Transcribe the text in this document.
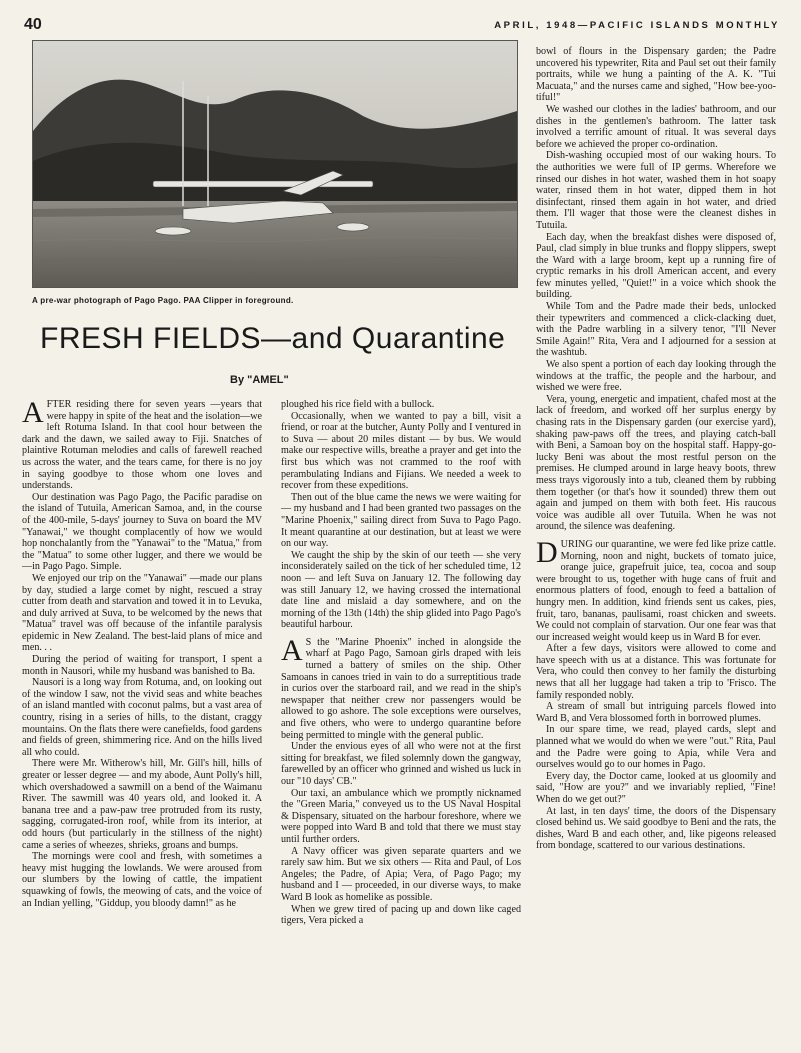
40	APRIL, 1948—PACIFIC ISLANDS MONTHLY
A pre-war photograph of Pago Pago. PAA Clipper in foreground.
FRESH FIELDS—and Quarantine
By "AMEL"

AFTER residing there for seven years —years that were happy in spite of the heat and the isolation—we left Rotuma Island. In that cool hour between the dark and the dawn, we sailed away to Fiji. Snatches of plaintive Rotuman melodies and calls of farewell reached us across the water, and the tears came, for there is no joy in saying goodbye to those whom one loves and understands.

Our destination was Pago Pago, the Pacific paradise on the island of Tutuila, American Samoa, and, in the course of the 400-mile, 5-days' journey to Suva on board the MV "Yanawai," we thought complacently of how we would hop nonchalantly from the "Yanawai" to the "Matua," from the "Matua" to some other lugger, and there we would be—in Pago Pago. Simple.

We enjoyed our trip on the "Yanawai" —made our plans by day, studied a large comet by night, rescued a stray cutter from death and starvation and towed it in to Levuka, and duly arrived at Suva, to be welcomed by the news that "Matua" travel was off because of the infantile paralysis epidemic in New Zealand. The best-laid plans of mice and men. . .

During the period of waiting for transport, I spent a month in Nausori, while my husband was banished to Ba.

Nausori is a long way from Rotuma, and, on looking out of the window I saw, not the vivid seas and white beaches of an island mantled with coconut palms, but a vast area of country, rising in a series of hills, to the distant, craggy mountains. On the flats there were canefields, food gardens and fields of green, shimmering rice. And on the hills lived all who could.

There were Mr. Witherow's hill, Mr. Gill's hill, hills of greater or lesser degree — and my abode, Aunt Polly's hill, which overshadowed a sawmill on a bend of the Waimanu River. The sawmill was 40 years old, and looked it. A banana tree and a paw-paw tree protruded from its rusty, sagging, corrugated-iron roof, while from its interior, at odd hours (but particularly in the stillness of the night) came a series of wheezes, shrieks, groans and bumps.

The mornings were cool and fresh, with sometimes a heavy mist hugging the lowlands. We were aroused from our slumbers by the lowing of cattle, the impatient squawking of fowls, the meowing of cats, and the voice of an Indian yelling, "Giddup, you bloody damn!" as he

ploughed his rice field with a bullock.

Occasionally, when we wanted to pay a bill, visit a friend, or roar at the butcher, Aunty Polly and I ventured in to Suva — about 20 miles distant — by bus. We would make our respective wills, breathe a prayer and get into the first bus which was not crammed to the roof with perambulating Indians and Fijians. We needed a week to recover from these expeditions.

Then out of the blue came the news we were waiting for — my husband and I had been granted two passages on the "Marine Phoenix," sailing direct from Suva to Pago Pago. It meant quarantine at our destination, but at least we were on our way.

We caught the ship by the skin of our teeth — she very inconsiderately sailed on the tick of her scheduled time, 12 noon — and left Suva on January 12. The following day was still January 12, we having crossed the international date line and mislaid a day somewhere, and on the morning of the 13th (14th) the ship glided into Pago Pago's beautiful harbour.

A S the "Marine Phoenix" inched in alongside the wharf at Pago Pago, Samoan girls draped with leis turned a battery of smiles on the ship. Other Samoans in canoes tried in vain to do a surreptitious trade in curios over the starboard rail, and we read in the ship's newspaper that neither crew nor passengers would be allowed to go ashore. The sole exceptions were ourselves, and five others, who were to undergo quarantine before being permitted to mingle with the general public.

Under the envious eyes of all who were not at the first sitting for breakfast, we filed solemnly down the gangway, farewelled by an officer who grinned and wished us luck in our "10 days' CB."

Our taxi, an ambulance which we promptly nicknamed the "Green Maria," conveyed us to the US Naval Hospital & Dispensary, situated on the harbour foreshore, where we were popped into Ward B and told that there we must stay until further orders.

A Navy officer was given separate quarters and we rarely saw him. But we six others — Rita and Paul, of Los Angeles; the Padre, of Apia; Vera, of Pago Pago; my husband and I — proceeded, in our diverse ways, to make Ward B look as homelike as possible.

When we grew tired of pacing up and down like caged tigers, Vera picked a

bowl of flours in the Dispensary garden; the Padre uncovered his typewriter, Rita and Paul set out their family portraits, while we hung a painting of the A. K. "Tui Macuata," and the nurses came and sighed, "How bee-yoo-tiful!"

We washed our clothes in the ladies' bathroom, and our dishes in the gentlemen's bathroom. The latter task involved a terrific amount of ritual. It was several days before we achieved the proper co-ordination.

Dish-washing occupied most of our waking hours. To the authorities we were full of IP germs. Wherefore we rinsed our dishes in hot water, washed them in hot soapy water, rinsed them in hot water, dipped them in hot disinfectant, rinsed them again in hot water, and dried them. I'll wager that those were the cleanest dishes in Tutuila.

Each day, when the breakfast dishes were disposed of, Paul, clad simply in blue trunks and floppy slippers, swept the Ward with a large broom, kept up a running fire of cryptic remarks in his droll American accent, and every few minutes yelled, "Quiet!" in a voice which shook the building.

While Tom and the Padre made their beds, unlocked their typewriters and commenced a click-clacking duet, with the Padre warbling in a silvery tenor, "I'll Never Smile Again!" Rita, Vera and I adjourned for a session at the washtub.

We also spent a portion of each day looking through the windows at the traffic, the people and the harbour, and wished we were free.

Vera, young, energetic and impatient, chafed most at the lack of freedom, and worked off her surplus energy by chasing rats in the Dispensary garden (our exercise yard), shaking paw-paws off the trees, and playing catch-ball with Beni, a Samoan boy on the hospital staff. Happy-go-lucky Beni was about the most restful person on the premises. He clumped around in large heavy boots, threw mess trays vigorously into a tub, cleaned them by rubbing them together (or that's how it sounded) threw them out again and jumped on them with both feet. His raucous voice was audible all over Tutuila. When he was not around, the silence was deafening.

DURING our quarantine, we were fed like prize cattle. Morning, noon and night, buckets of tomato juice, orange juice, grapefruit juice, tea, cocoa and soup were brought to us, together with huge cans of fruit and enormous platters of food, enough to feed a battalion of hungry men. In addition, kind friends sent us cakes, pies, fruit, taro, bananas, paulisami, roast chicken and sweets. We could not complain of starvation. Our one fear was that our increased weight would keep us in Ward B for ever.

After a few days, visitors were allowed to come and have speech with us at a distance. This was fortunate for Vera, who could then convey to her family the disturbing news that all her luggage had taken a trip to 'Frisco. The family responded nobly.

A stream of small but intriguing parcels flowed into Ward B, and Vera blossomed forth in borrowed plumes.

In our spare time, we read, played cards, slept and planned what we would do when we were "out." Rita, Paul and the Padre were going to Apia, while Vera and ourselves would go to our homes in Pago.

Every day, the Doctor came, looked at us gloomily and said, "How are you?" and we invariably replied, "Fine! When do we get out?"

At last, in ten days' time, the doors of the Dispensary closed behind us. We said goodbye to Beni and the rats, the dishes, Ward B and each other, and, like pigeons released from bondage, scattered to our various destinations.
